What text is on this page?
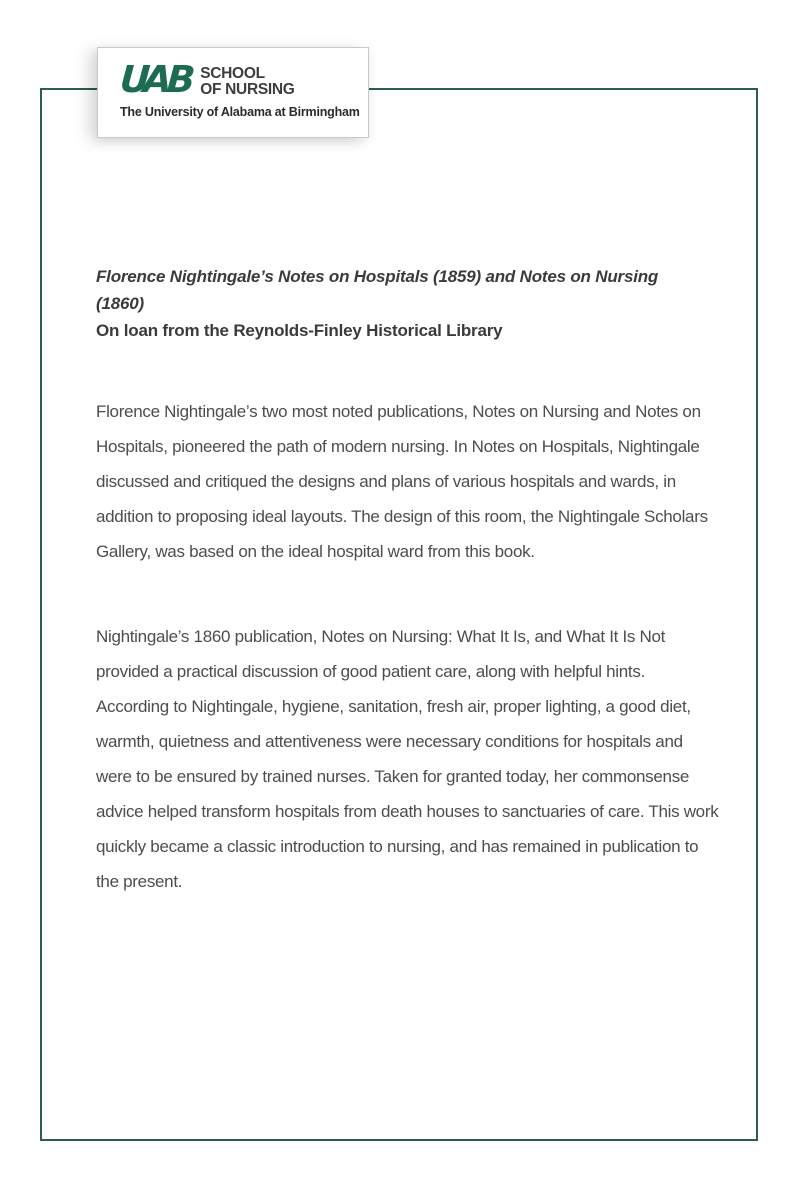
UAB SCHOOL
OF NURSING
The University of Alabama at Birmingham
Florence Nightingale’s Notes on Hospitals (1859) and Notes on Nursing
(1860)
On loan from the Reynolds-Finley Historical Library

Florence Nightingale’s two most noted publications, Notes on Nursing and Notes on Hospitals, pioneered the path of modern nursing. In Notes on Hospitals, Nightingale discussed and critiqued the designs and plans of various hospitals and wards, in addition to proposing ideal layouts. The design of this room, the Nightingale Scholars Gallery, was based on the ideal hospital ward from this book.

Nightingale’s 1860 publication, Notes on Nursing: What It Is, and What It Is Not provided a practical discussion of good patient care, along with helpful hints. According to Nightingale, hygiene, sanitation, fresh air, proper lighting, a good diet, warmth, quietness and attentiveness were necessary conditions for hospitals and were to be ensured by trained nurses. Taken for granted today, her commonsense advice helped transform hospitals from death houses to sanctuaries of care. This work quickly became a classic introduction to nursing, and has remained in publication to the present.
